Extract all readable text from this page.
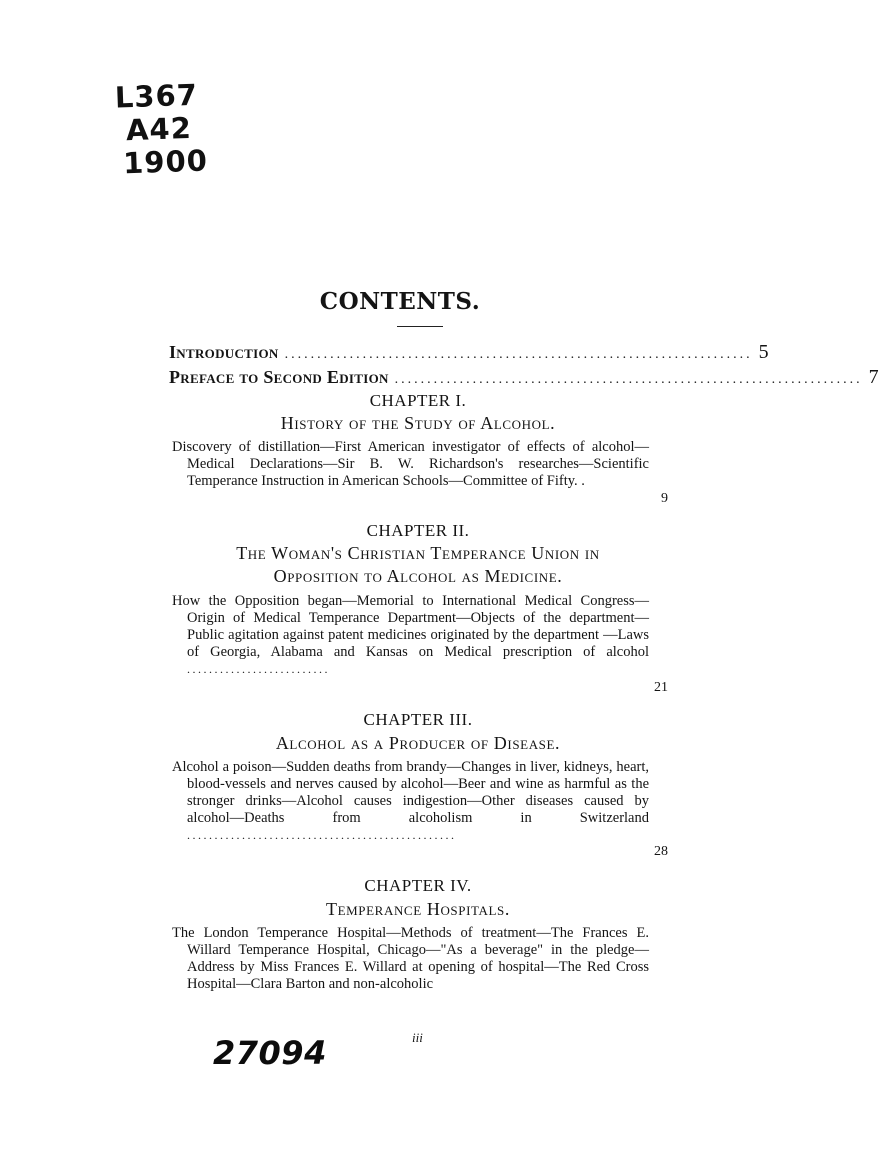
L367
A42
1900
CONTENTS.
Introduction ........................................................................ 5
Preface to Second Edition ........................................................................ 7
CHAPTER I.
History of the Study of Alcohol.
Discovery of distillation—First American investigator of effects of alcohol—Medical Declarations—Sir B. W. Richardson's researches—Scientific Temperance Instruction in American Schools—Committee of Fifty. .
9
CHAPTER II.
The Woman's Christian Temperance Union in
Opposition to Alcohol as Medicine.
How the Opposition began—Memorial to International Medical Congress—Origin of Medical Temperance Department—Objects of the department—Public agitation against patent medicines originated by the department —Laws of Georgia, Alabama and Kansas on Medical prescription of alcohol ..........................
21
CHAPTER III.
Alcohol as a Producer of Disease.
Alcohol a poison—Sudden deaths from brandy—Changes in liver, kidneys, heart, blood-vessels and nerves caused by alcohol—Beer and wine as harmful as the stronger drinks—Alcohol causes indigestion—Other diseases caused by alcohol—Deaths from alcoholism in Switzerland .................................................
28
CHAPTER IV.
Temperance Hospitals.
The London Temperance Hospital—Methods of treatment—The Frances E. Willard Temperance Hospital, Chicago—"As a beverage" in the pledge—Address by Miss Frances E. Willard at opening of hospital—The Red Cross Hospital—Clara Barton and non-alcoholic
iii
27094
